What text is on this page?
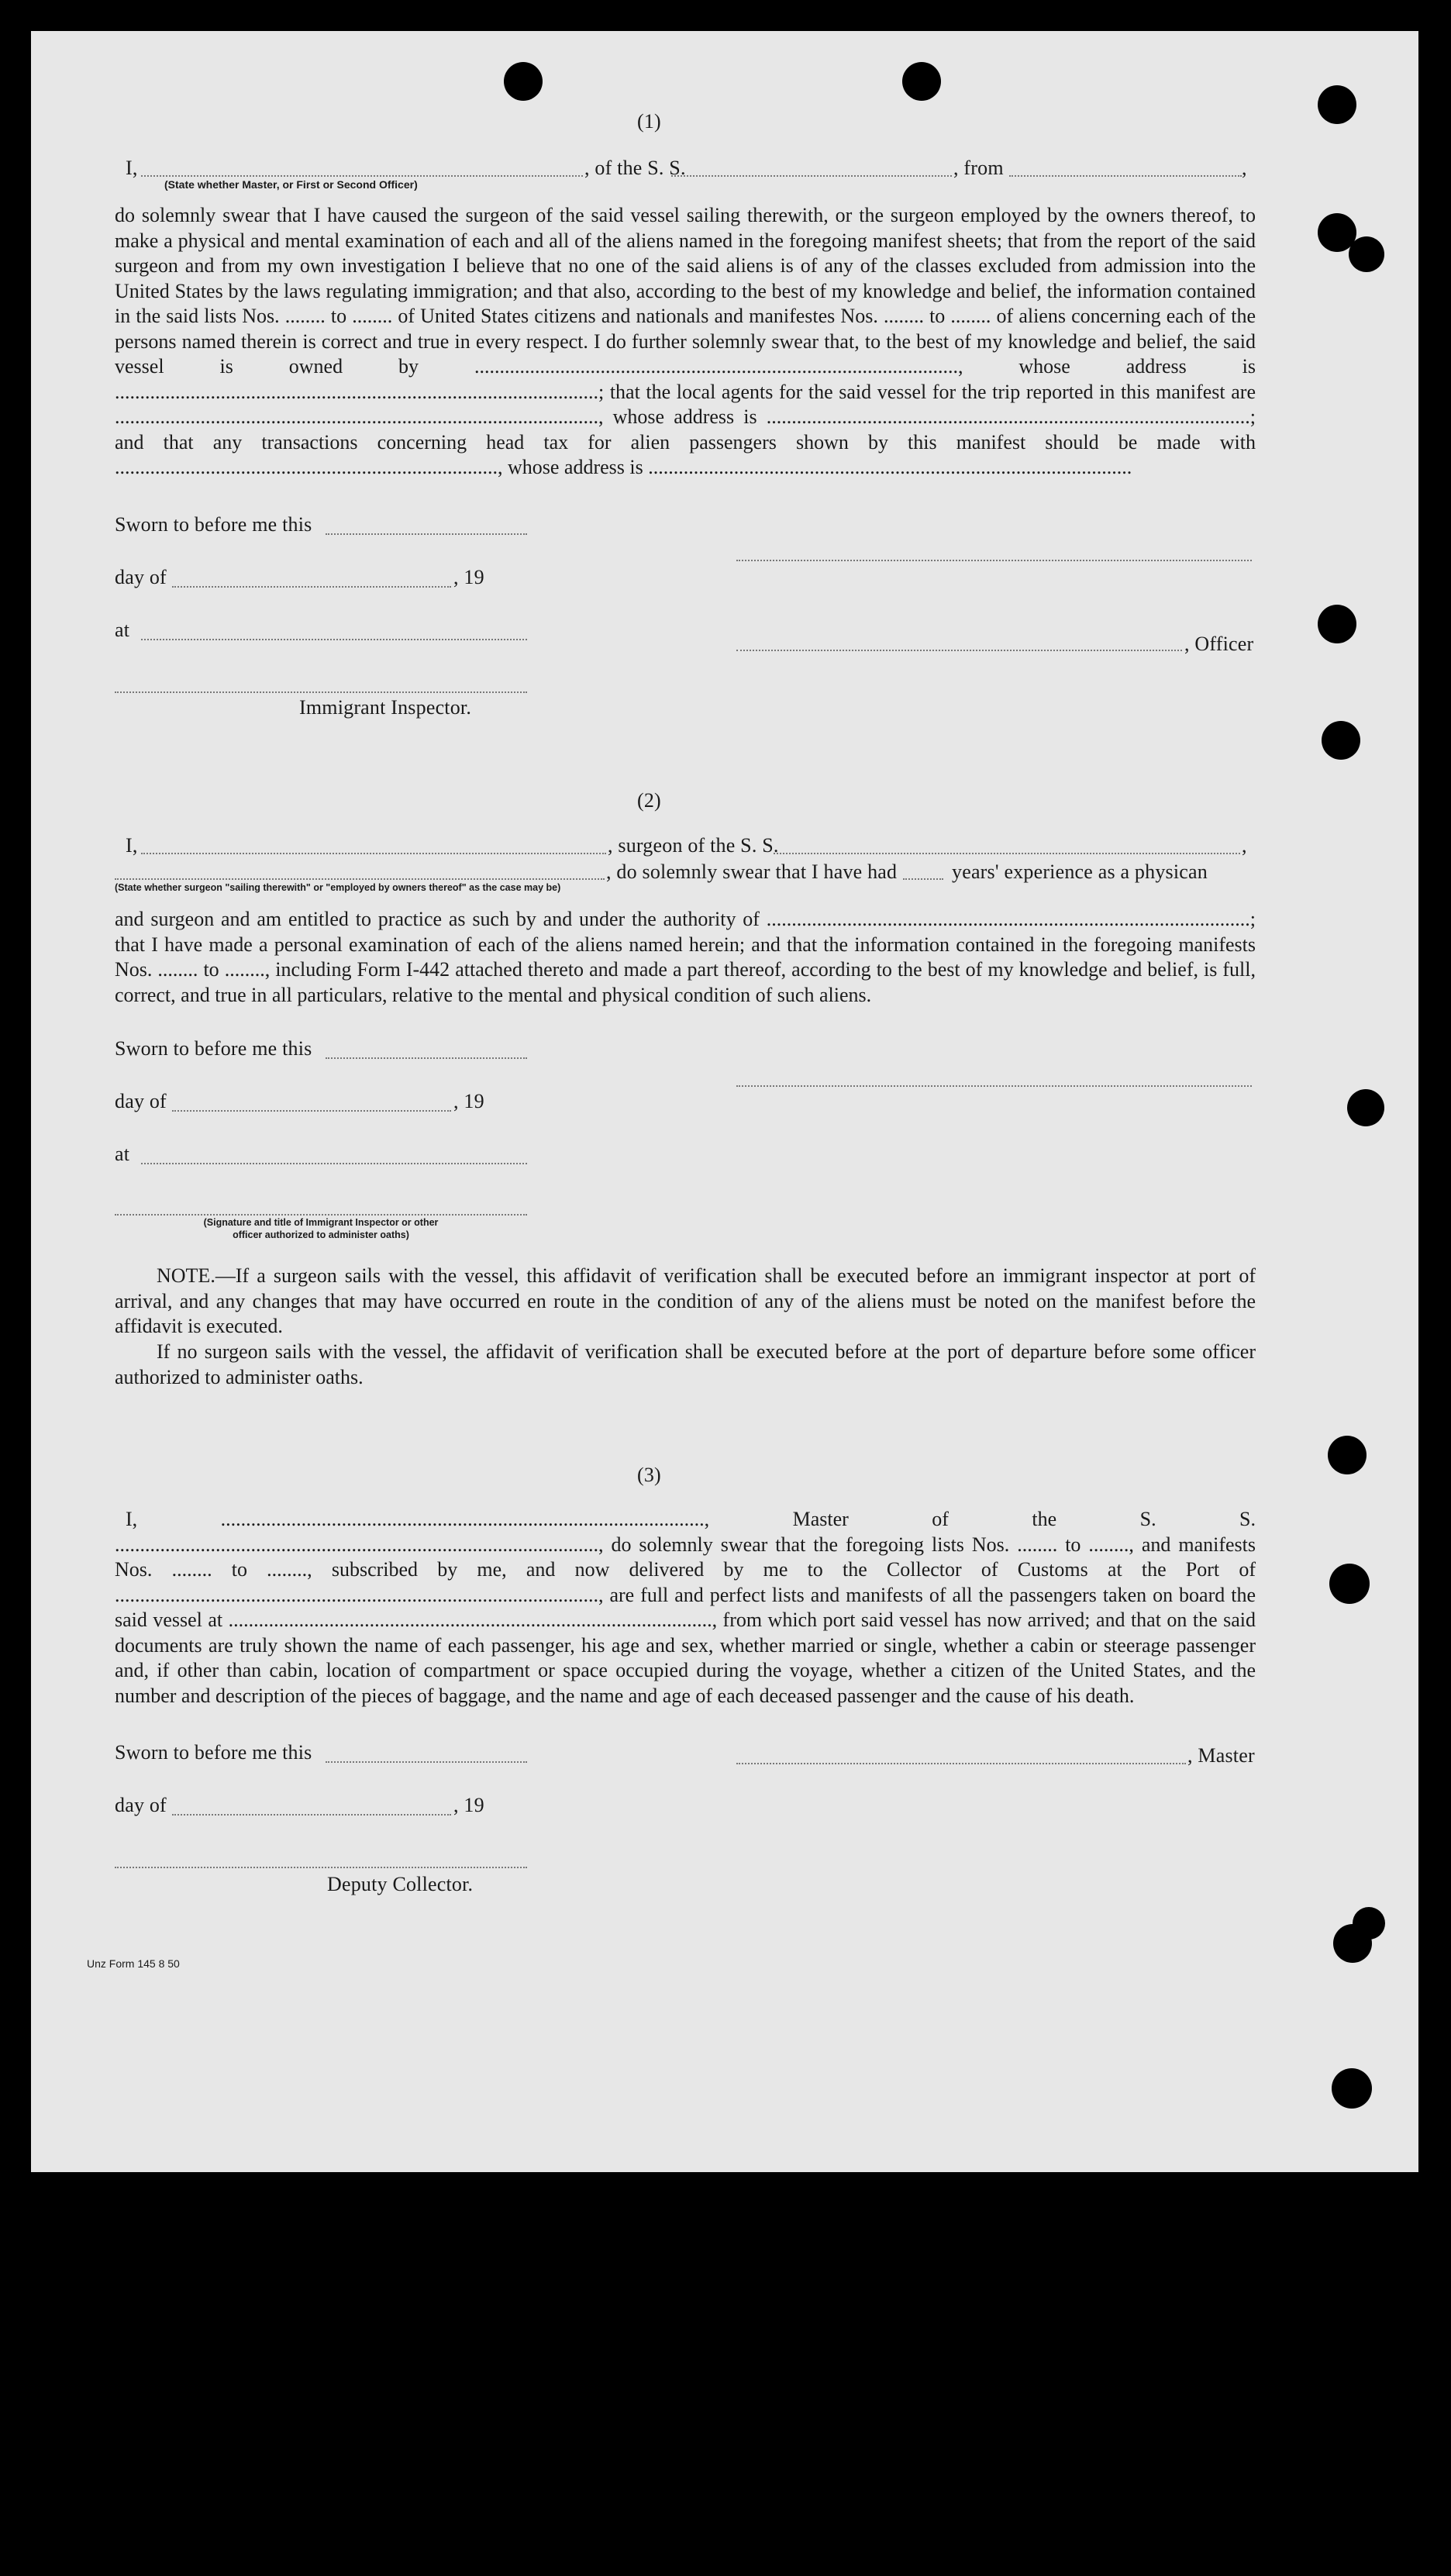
(1)
I,	, of the S. S.	, from	,
(State whether Master, or First or Second Officer)
do solemnly swear that I have caused the surgeon of the said vessel sailing therewith, or the surgeon employed by the owners thereof, to make a physical and mental examination of each and all of the aliens named in the foregoing manifest sheets; that from the report of the said surgeon and from my own investigation I believe that no one of the said aliens is of any of the classes excluded from admission into the United States by the laws regulating immigration; and that also, according to the best of my knowledge and belief, the information contained in the said lists Nos. ........ to ........ of United States citizens and nationals and manifestes Nos. ........ to ........ of aliens concerning each of the persons named therein is correct and true in every respect. I do further solemnly swear that, to the best of my knowledge and belief, the said vessel is owned by ................................................................................................, whose address is ................................................................................................; that the local agents for the said vessel for the trip reported in this manifest are ................................................................................................, whose address is ................................................................................................; and that any transactions concerning head tax for alien passengers shown by this manifest should be made with ............................................................................, whose address is ................................................................................................
Sworn to before me this
day of	, 19
at
, Officer
Immigrant Inspector.
(2)
I,	, surgeon of the S. S.	,
, do solemnly swear that I have had	years' experience as a physican
(State whether surgeon "sailing therewith" or "employed by owners thereof" as the case may be)
and surgeon and am entitled to practice as such by and under the authority of ................................................................................................; that I have made a personal examination of each of the aliens named herein; and that the information contained in the foregoing manifests Nos. ........ to ........, including Form I-442 attached thereto and made a part thereof, according to the best of my knowledge and belief, is full, correct, and true in all particulars, relative to the mental and physical condition of such aliens.
Sworn to before me this
day of	, 19
at
(Signature and title of Immigrant Inspector or other
officer authorized to administer oaths)
NOTE.—If a surgeon sails with the vessel, this affidavit of verification shall be executed before an immigrant inspector at port of arrival, and any changes that may have occurred en route in the condition of any of the aliens must be noted on the manifest before the affidavit is executed.
If no surgeon sails with the vessel, the affidavit of verification shall be executed before at the port of departure before some officer authorized to administer oaths.
(3)
I, ................................................................................................, Master of the S. S. ................................................................................................, do solemnly swear that the foregoing lists Nos. ........ to ........, and manifests Nos. ........ to ........, subscribed by me, and now delivered by me to the Collector of Customs at the Port of ................................................................................................, are full and perfect lists and manifests of all the passengers taken on board the said vessel at ................................................................................................, from which port said vessel has now arrived; and that on the said documents are truly shown the name of each passenger, his age and sex, whether married or single, whether a cabin or steerage passenger and, if other than cabin, location of compartment or space occupied during the voyage, whether a citizen of the United States, and the number and description of the pieces of baggage, and the name and age of each deceased passenger and the cause of his death.
Sworn to before me this	, Master
day of	, 19
Deputy Collector.
Unz Form 145 8 50
